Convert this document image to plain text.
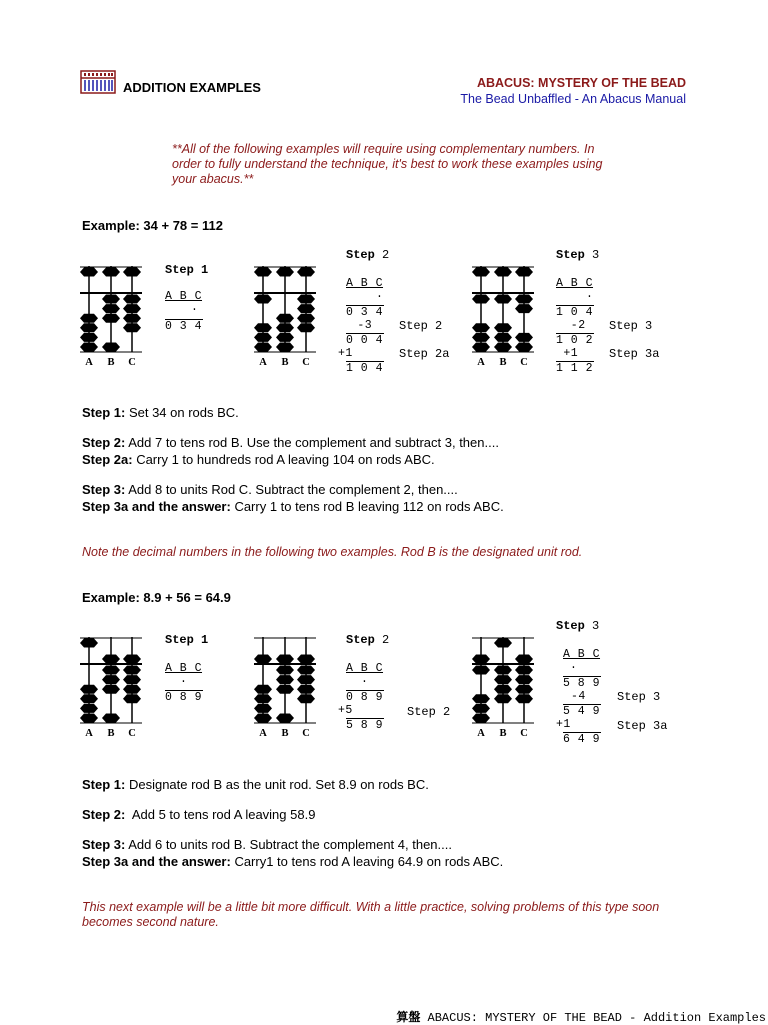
ADDITION EXAMPLES	ABACUS: MYSTERY OF THE BEAD
The Bead Unbaffled - An Abacus Manual
**All of the following examples will require using complementary numbers. In order to fully understand the technique, it's best to work these examples using your abacus.**
Example: 34 + 78 = 112
A B C	A B C	A B C
Step 1
A B C
.
0 3 4
Step 2
A B C
.
0 3 4
-3
0 0 4
+1
1 0 4
Step 2
Step 2a
Step 3
A B C
.
1 0 4
-2
1 0 2
+1
1 1 2
Step 3
Step 3a
Step 1: Set 34 on rods BC.
Step 2: Add 7 to tens rod B. Use the complement and subtract 3, then....
Step 2a: Carry 1 to hundreds rod A leaving 104 on rods ABC.
Step 3: Add 8 to units Rod C. Subtract the complement 2, then....
Step 3a and the answer: Carry 1 to tens rod B leaving 112 on rods ABC.
Note the decimal numbers in the following two examples. Rod B is the designated unit rod.
Example: 8.9 + 56 = 64.9
A B C	A B C	A B C
Step 1
A B C
.
0 8 9
Step 2
A B C
.
0 8 9
+5
5 8 9
Step 2
Step 3
A B C
.
5 8 9
-4
5 4 9
+1
6 4 9
Step 3
Step 3a
Step 1: Designate rod B as the unit rod. Set 8.9 on rods BC.
Step 2:  Add 5 to tens rod A leaving 58.9
Step 3: Add 6 to units rod B. Subtract the complement 4, then....
Step 3a and the answer: Carry1 to tens rod A leaving 64.9 on rods ABC.
This next example will be a little bit more difficult. With a little practice, solving problems of this type soon becomes second nature.
算盤 ABACUS: MYSTERY OF THE BEAD - Addition Examples
